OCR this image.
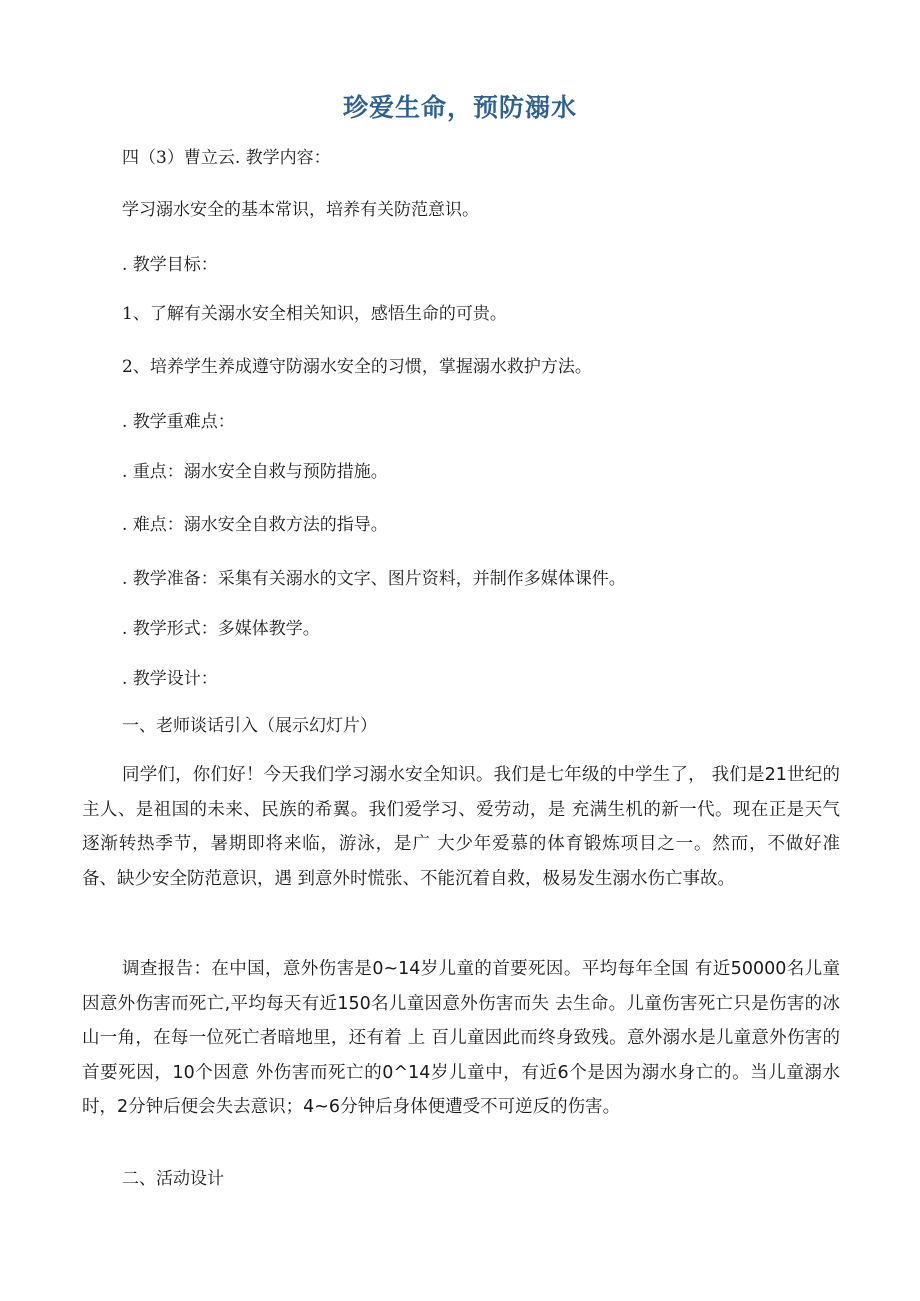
珍爱生命，预防溺水
四（3）曹立云. 教学内容：
学习溺水安全的基本常识，培养有关防范意识。
. 教学目标：
1、了解有关溺水安全相关知识，感悟生命的可贵。
2、培养学生养成遵守防溺水安全的习惯，掌握溺水救护方法。
. 教学重难点：
. 重点：溺水安全自救与预防措施。
. 难点：溺水安全自救方法的指导。
. 教学准备：采集有关溺水的文字、图片资料，并制作多媒体课件。
. 教学形式：多媒体教学。
. 教学设计：
一、老师谈话引入（展示幻灯片）
同学们，你们好！今天我们学习溺水安全知识。我们是七年级的中学生了， 我们是21世纪的主人、是祖国的未来、民族的希翼。我们爱学习、爱劳动，是 充满生机的新一代。现在正是天气逐渐转热季节，暑期即将来临，游泳，是广 大少年爱慕的体育锻炼项目之一。然而，不做好准备、缺少安全防范意识，遇 到意外时慌张、不能沉着自救，极易发生溺水伤亡事故。
调查报告：在中国，意外伤害是0~14岁儿童的首要死因。平均每年全国 有近50000名儿童因意外伤害而死亡,平均每天有近150名儿童因意外伤害而失 去生命。儿童伤害死亡只是伤害的冰山一角，在每一位死亡者暗地里，还有着 上 百儿童因此而终身致残。意外溺水是儿童意外伤害的首要死因，10个因意 外伤害而死亡的0^14岁儿童中，有近6个是因为溺水身亡的。当儿童溺水时，2分钟后便会失去意识；4~6分钟后身体便遭受不可逆反的伤害。
二、活动设计
